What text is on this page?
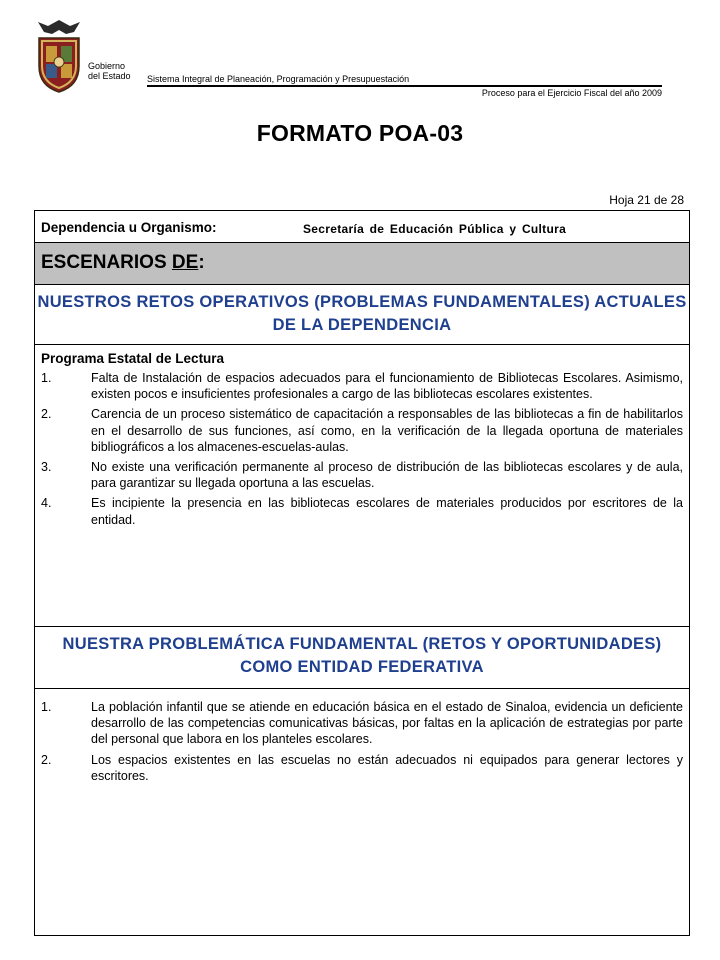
Gobierno
del Estado Sistema Integral de Planeación, Programación y Presupuestación
Proceso para el Ejercicio Fiscal del año 2009
FORMATO POA-03
Hoja 21 de 28
Dependencia u Organismo:	Secretaría de Educación Pública y Cultura
ESCENARIOS DE:
NUESTROS RETOS OPERATIVOS (PROBLEMAS FUNDAMENTALES) ACTUALES DE LA DEPENDENCIA
Programa Estatal de Lectura
1.	Falta de Instalación de espacios adecuados para el funcionamiento de Bibliotecas Escolares. Asimismo, existen pocos e insuficientes profesionales a cargo de las bibliotecas escolares existentes.
2.	Carencia de un proceso sistemático de capacitación a responsables de las bibliotecas a fin de habilitarlos en el desarrollo de sus funciones, así como, en la verificación de la llegada oportuna de materiales bibliográficos a los almacenes-escuelas-aulas.
3.	No existe una verificación permanente al proceso de distribución de las bibliotecas escolares y de aula, para garantizar su llegada oportuna a las escuelas.
4.	Es incipiente la presencia en las bibliotecas escolares de materiales producidos por escritores de la entidad.
NUESTRA PROBLEMÁTICA FUNDAMENTAL (RETOS Y OPORTUNIDADES) COMO ENTIDAD FEDERATIVA
1.	La población infantil que se atiende en educación básica en el estado de Sinaloa, evidencia un deficiente desarrollo de las competencias comunicativas básicas, por faltas en la aplicación de estrategias por parte del personal que labora en los planteles escolares.
2.	Los espacios existentes en las escuelas no están adecuados ni equipados para generar lectores y escritores.
